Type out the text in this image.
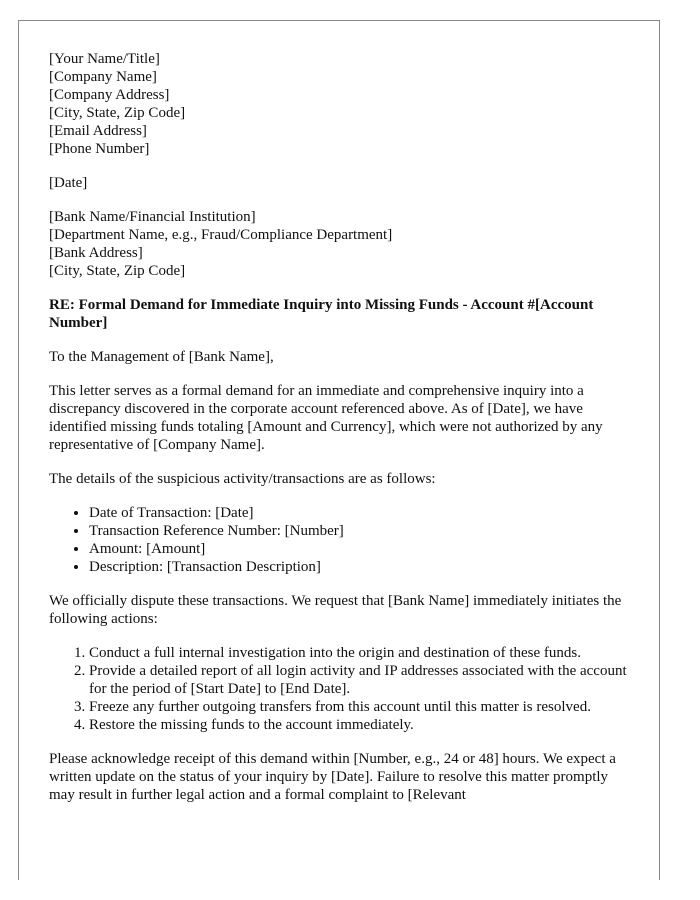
[Your Name/Title]
[Company Name]
[Company Address]
[City, State, Zip Code]
[Email Address]
[Phone Number]
[Date]
[Bank Name/Financial Institution]
[Department Name, e.g., Fraud/Compliance Department]
[Bank Address]
[City, State, Zip Code]
RE: Formal Demand for Immediate Inquiry into Missing Funds - Account #[Account Number]

To the Management of [Bank Name],

This letter serves as a formal demand for an immediate and comprehensive inquiry into a discrepancy discovered in the corporate account referenced above. As of [Date], we have identified missing funds totaling [Amount and Currency], which were not authorized by any representative of [Company Name].

The details of the suspicious activity/transactions are as follows:

• Date of Transaction: [Date]
• Transaction Reference Number: [Number]
• Amount: [Amount]
• Description: [Transaction Description]

We officially dispute these transactions. We request that [Bank Name] immediately initiates the following actions:

1. Conduct a full internal investigation into the origin and destination of these funds.
2. Provide a detailed report of all login activity and IP addresses associated with the account for the period of [Start Date] to [End Date].
3. Freeze any further outgoing transfers from this account until this matter is resolved.
4. Restore the missing funds to the account immediately.

Please acknowledge receipt of this demand within [Number, e.g., 24 or 48] hours. We expect a written update on the status of your inquiry by [Date]. Failure to resolve this matter promptly may result in further legal action and a formal complaint to [Relevant
